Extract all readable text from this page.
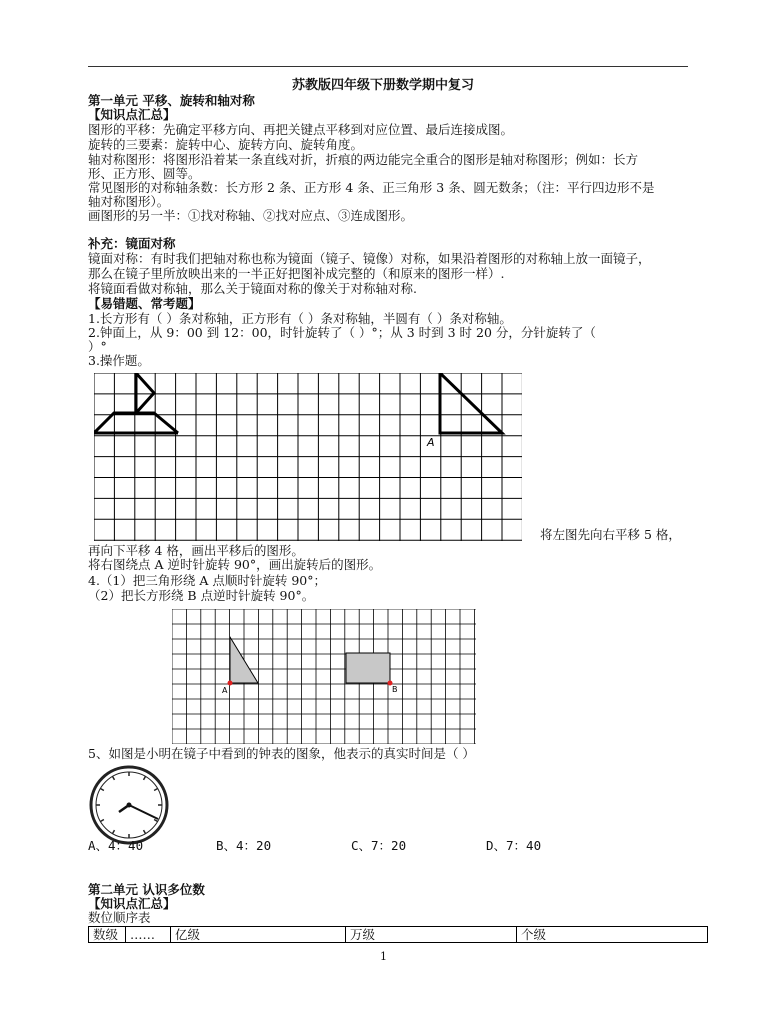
苏教版四年级下册数学期中复习
第一单元 平移、旋转和轴对称
【知识点汇总】
图形的平移：先确定平移方向、再把关键点平移到对应位置、最后连接成图。
旋转的三要素：旋转中心、旋转方向、旋转角度。
轴对称图形：将图形沿着某一条直线对折，折痕的两边能完全重合的图形是轴对称图形；例如：长方
形、正方形、圆等。
常见图形的对称轴条数：长方形 2 条、正方形 4 条、正三角形 3 条、圆无数条；（注：平行四边形不是
轴对称图形）。
画图形的另一半：①找对称轴、②找对应点、③连成图形。
补充：镜面对称
镜面对称：有时我们把轴对称也称为镜面（镜子、镜像）对称，如果沿着图形的对称轴上放一面镜子，
那么在镜子里所放映出来的一半正好把图补成完整的（和原来的图形一样）.
将镜面看做对称轴，那么关于镜面对称的像关于对称轴对称.
【易错题、常考题】
1.长方形有（ ）条对称轴，正方形有（ ）条对称轴，半圆有（ ）条对称轴。
2.钟面上，从 9：00 到 12：00，时针旋转了（ ）°；从 3 时到 3 时 20 分，分针旋转了（
）°
3.操作题。
A
将左图先向右平移 5 格，
再向下平移 4 格，画出平移后的图形。
将右图绕点 A 逆时针旋转 90°，画出旋转后的图形。
4.（1）把三角形绕 A 点顺时针旋转 90°；
（2）把长方形绕 B 点逆时针旋转 90°。
A	B
5、如图是小明在镜子中看到的钟表的图象，他表示的真实时间是（ ）
A、4：40	B、4：20	C、7：20	D、7：40
第二单元 认识多位数
【知识点汇总】
数位顺序表
数级	……	亿级	万级	个级
1
